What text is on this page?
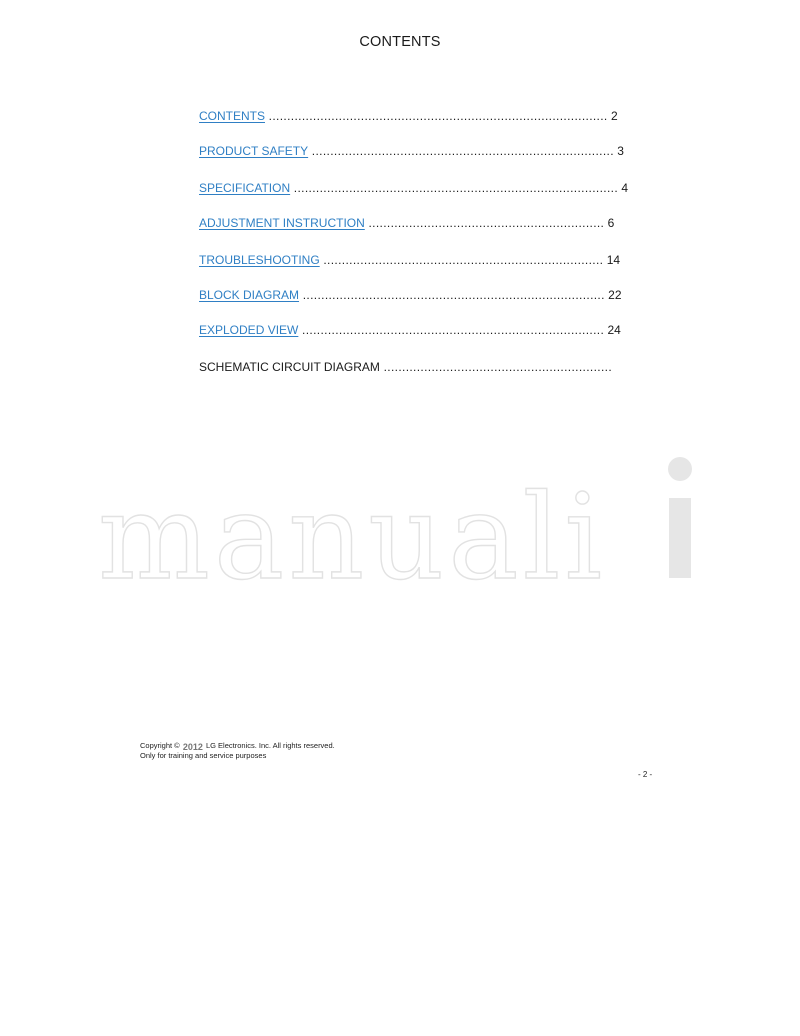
CONTENTS
CONTENTS ............................................................................................ 2
PRODUCT SAFETY .................................................................................. 3
SPECIFICATION ........................................................................................ 4
ADJUSTMENT INSTRUCTION ................................................................ 6
TROUBLESHOOTING ............................................................................ 14
BLOCK DIAGRAM .................................................................................. 22
EXPLODED VIEW .................................................................................. 24
SCHEMATIC CIRCUIT DIAGRAM ..............................................................
manuali
Copyright © 2012 LG Electronics. Inc. All rights reserved.
Only for training and service purposes
- 2 -
